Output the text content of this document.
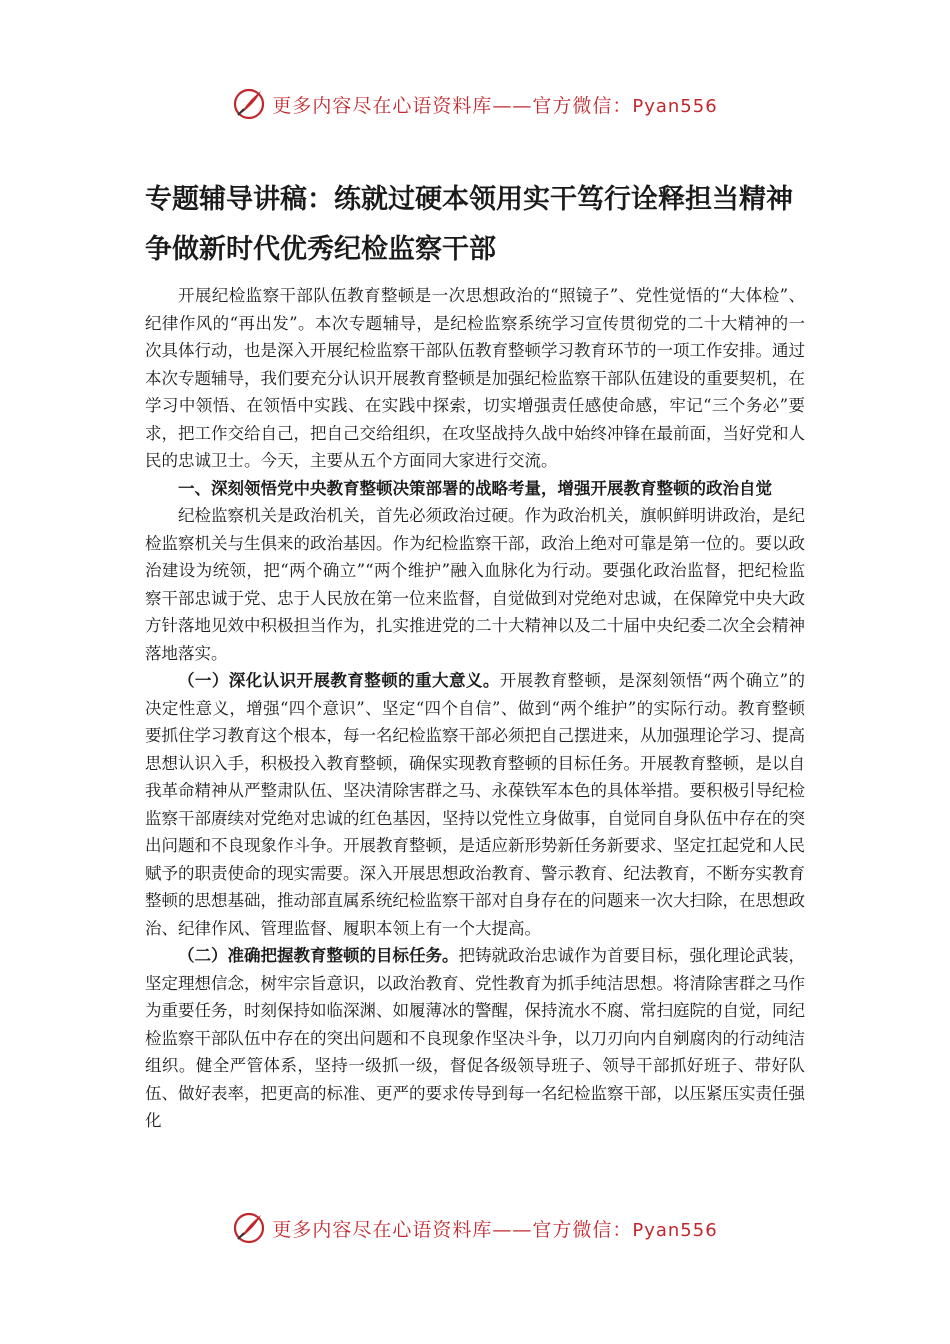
更多内容尽在心语资料库——官方微信：Pyan556
专题辅导讲稿：练就过硬本领用实干笃行诠释担当精神 争做新时代优秀纪检监察干部

开展纪检监察干部队伍教育整顿是一次思想政治的“照镜子”、党性觉悟的“大体检”、纪律作风的“再出发”。本次专题辅导，是纪检监察系统学习宣传贯彻党的二十大精神的一次具体行动，也是深入开展纪检监察干部队伍教育整顿学习教育环节的一项工作安排。通过本次专题辅导，我们要充分认识开展教育整顿是加强纪检监察干部队伍建设的重要契机，在学习中领悟、在领悟中实践、在实践中探索，切实增强责任感使命感，牢记“三个务必”要求，把工作交给自己，把自己交给组织，在攻坚战持久战中始终冲锋在最前面，当好党和人民的忠诚卫士。今天，主要从五个方面同大家进行交流。

一、深刻领悟党中央教育整顿决策部署的战略考量，增强开展教育整顿的政治自觉

纪检监察机关是政治机关，首先必须政治过硬。作为政治机关，旗帜鲜明讲政治，是纪检监察机关与生俱来的政治基因。作为纪检监察干部，政治上绝对可靠是第一位的。要以政治建设为统领，把“两个确立”“两个维护”融入血脉化为行动。要强化政治监督，把纪检监察干部忠诚于党、忠于人民放在第一位来监督，自觉做到对党绝对忠诚，在保障党中央大政方针落地见效中积极担当作为，扎实推进党的二十大精神以及二十届中央纪委二次全会精神落地落实。

（一）深化认识开展教育整顿的重大意义。开展教育整顿，是深刻领悟“两个确立”的决定性意义，增强“四个意识”、坚定“四个自信”、做到“两个维护”的实际行动。教育整顿要抓住学习教育这个根本，每一名纪检监察干部必须把自己摆进来，从加强理论学习、提高思想认识入手，积极投入教育整顿，确保实现教育整顿的目标任务。开展教育整顿，是以自我革命精神从严整肃队伍、坚决清除害群之马、永葆铁军本色的具体举措。要积极引导纪检监察干部赓续对党绝对忠诚的红色基因，坚持以党性立身做事，自觉同自身队伍中存在的突出问题和不良现象作斗争。开展教育整顿，是适应新形势新任务新要求、坚定扛起党和人民赋予的职责使命的现实需要。深入开展思想政治教育、警示教育、纪法教育，不断夯实教育整顿的思想基础，推动部直属系统纪检监察干部对自身存在的问题来一次大扫除，在思想政治、纪律作风、管理监督、履职本领上有一个大提高。

（二）准确把握教育整顿的目标任务。把铸就政治忠诚作为首要目标，强化理论武装，坚定理想信念，树牢宗旨意识，以政治教育、党性教育为抓手纯洁思想。将清除害群之马作为重要任务，时刻保持如临深渊、如履薄冰的警醒，保持流水不腐、常扫庭院的自觉，同纪检监察干部队伍中存在的突出问题和不良现象作坚决斗争，以刀刃向内自剜腐肉的行动纯洁组织。健全严管体系，坚持一级抓一级，督促各级领导班子、领导干部抓好班子、带好队伍、做好表率，把更高的标准、更严的要求传导到每一名纪检监察干部，以压紧压实责任强化

更多内容尽在心语资料库——官方微信：Pyan556
